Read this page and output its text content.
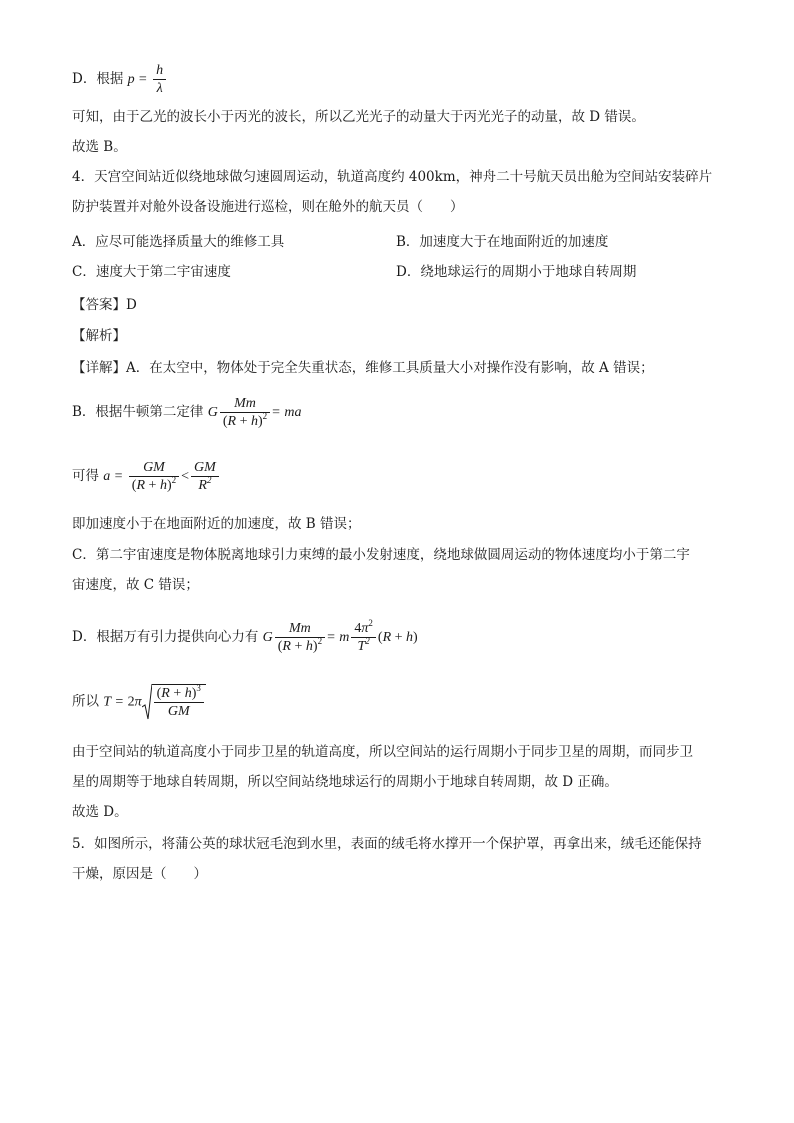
D．根据 $p = \frac{h}{\lambda}$
可知，由于乙光的波长小于丙光的波长，所以乙光光子的动量大于丙光光子的动量，故 D 错误。
故选 B。
4．天宫空间站近似绕地球做匀速圆周运动，轨道高度约 400km，神舟二十号航天员出舱为空间站安装碎片
防护装置并对舱外设备设施进行巡检，则在舱外的航天员（　　）
A．应尽可能选择质量大的维修工具	B．加速度大于在地面附近的加速度
C．速度大于第二宇宙速度	D．绕地球运行的周期小于地球自转周期
【答案】D
【解析】
【详解】A．在太空中，物体处于完全失重状态，维修工具质量大小对操作没有影响，故 A 错误；
B．根据牛顿第二定律 G $\frac{Mm}{(R + h)^2}$ = ma
可得 $a = \frac{GM}{(R + h)^2} < \frac{GM}{R^2}$
即加速度小于在地面附近的加速度，故 B 错误；
C．第二宇宙速度是物体脱离地球引力束缚的最小发射速度，绕地球做圆周运动的物体速度均小于第二宇
宙速度，故 C 错误；
D．根据万有引力提供向心力有 G $\frac{Mm}{(R + h)^2} = m \frac{4\pi^2}{T^2} (R + h)$
所以 $T = 2\pi \frac{(R + h)^3}{GM}$
由于空间站的轨道高度小于同步卫星的轨道高度，所以空间站的运行周期小于同步卫星的周期，而同步卫
星的周期等于地球自转周期，所以空间站绕地球运行的周期小于地球自转周期，故 D 正确。
故选 D。
5．如图所示，将蒲公英的球状冠毛泡到水里，表面的绒毛将水撑开一个保护罩，再拿出来，绒毛还能保持
干燥，原因是（　　）
